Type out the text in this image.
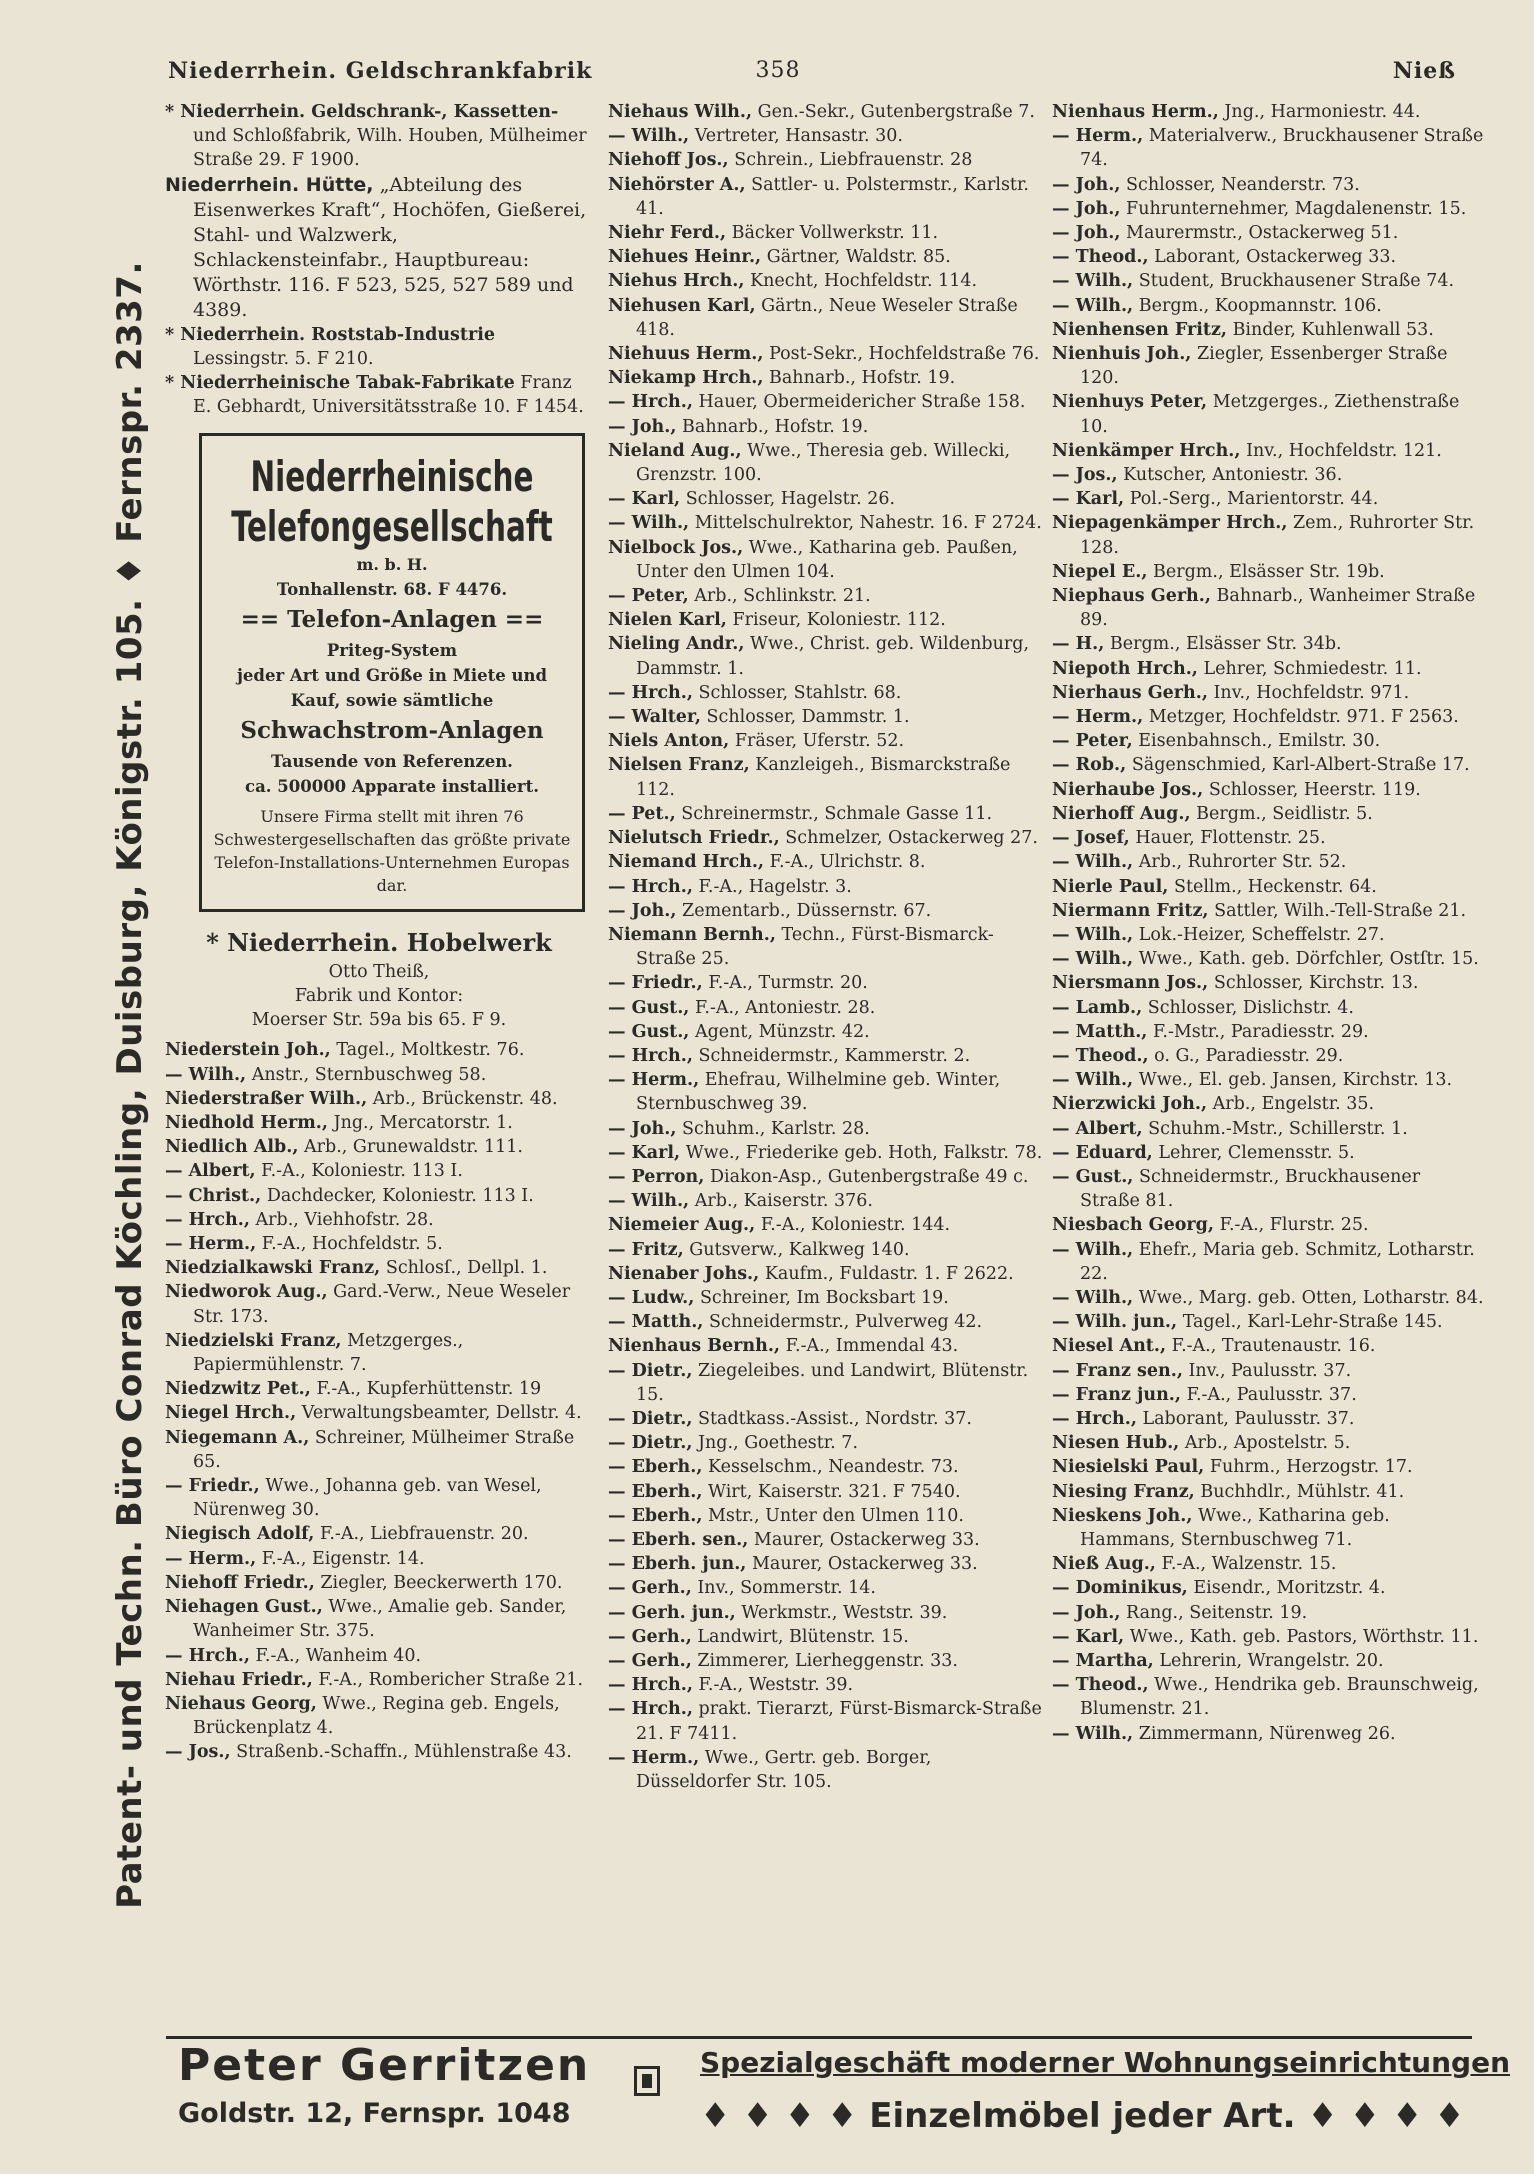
Patent- und Techn. Büro Conrad Köchling, Duisburg, Königstr. 105. ♦ Fernspr. 2337.
Niederrhein. Geldschrankfabrik	358	Nieß
* Niederrhein. Geldschrank-, Kassetten- und Schloßfabrik, Wilh. Houben, Mülheimer Straße 29. F 1900.
Niederrhein. Hütte, „Abteilung des Eisenwerkes Kraft“, Hochöfen, Gießerei, Stahl- und Walzwerk, Schlackensteinfabr., Hauptbureau: Wörthstr. 116. F 523, 525, 527 589 und 4389.
* Niederrhein. Roststab-Industrie Lessingstr. 5. F 210.
* Niederrheinische Tabak-Fabrikate Franz E. Gebhardt, Universitätsstraße 10. F 1454.
Niederrheinische Telefongesellschaft
m. b. H.
Tonhallenstr. 68. F 4476.
== Telefon-Anlagen ==
Priteg-System
jeder Art und Größe in Miete und Kauf, sowie sämtliche
Schwachstrom-Anlagen
Tausende von Referenzen.
ca. 500000 Apparate installiert.
Unsere Firma stellt mit ihren 76 Schwestergesellschaften das größte private Telefon-Installations-Unternehmen Europas dar.
* Niederrhein. Hobelwerk
Otto Theiß,
Fabrik und Kontor:
Moerser Str. 59a bis 65. F 9.
Niederstein Joh., Tagel., Moltkestr. 76.
— Wilh., Anstr., Sternbuschweg 58.
Niederstraßer Wilh., Arb., Brückenstr. 48.
Niedhold Herm., Jng., Mercatorstr. 1.
Niedlich Alb., Arb., Grunewaldstr. 111.
— Albert, F.-A., Koloniestr. 113 I.
— Christ., Dachdecker, Koloniestr. 113 I.
— Hrch., Arb., Viehhofstr. 28.
— Herm., F.-A., Hochfeldstr. 5.
Niedzialkawski Franz, Schlosſ., Dellpl. 1.
Niedworok Aug., Gard.-Verw., Neue Weseler Str. 173.
Niedzielski Franz, Metzgerges., Papiermühlenstr. 7.
Niedzwitz Pet., F.-A., Kupferhüttenstr. 19
Niegel Hrch., Verwaltungsbeamter, Dellstr. 4.
Niegemann A., Schreiner, Mülheimer Straße 65.
— Friedr., Wwe., Johanna geb. van Wesel, Nürenweg 30.
Niegisch Adolf, F.-A., Liebfrauenstr. 20.
— Herm., F.-A., Eigenstr. 14.
Niehoff Friedr., Ziegler, Beeckerwerth 170.
Niehagen Gust., Wwe., Amalie geb. Sander, Wanheimer Str. 375.
— Hrch., F.-A., Wanheim 40.
Niehau Friedr., F.-A., Rombericher Straße 21.
Niehaus Georg, Wwe., Regina geb. Engels, Brückenplatz 4.
— Jos., Straßenb.-Schaffn., Mühlenstraße 43.
Niehaus Wilh., Gen.-Sekr., Gutenbergstraße 7.
— Wilh., Vertreter, Hansastr. 30.
Niehoff Jos., Schrein., Liebfrauenstr. 28
Niehörster A., Sattler- u. Polstermstr., Karlstr. 41.
Niehr Ferd., Bäcker Vollwerkstr. 11.
Niehues Heinr., Gärtner, Waldstr. 85.
Niehus Hrch., Knecht, Hochfeldstr. 114.
Niehusen Karl, Gärtn., Neue Weseler Straße 418.
Niehuus Herm., Post-Sekr., Hochfeldstraße 76.
Niekamp Hrch., Bahnarb., Hofstr. 19.
— Hrch., Hauer, Obermeidericher Straße 158.
— Joh., Bahnarb., Hofstr. 19.
Nieland Aug., Wwe., Theresia geb. Willecki, Grenzstr. 100.
— Karl, Schlosser, Hagelstr. 26.
— Wilh., Mittelschulrektor, Nahestr. 16. F 2724.
Nielbock Jos., Wwe., Katharina geb. Paußen, Unter den Ulmen 104.
— Peter, Arb., Schlinkstr. 21.
Nielen Karl, Friseur, Koloniestr. 112.
Nieling Andr., Wwe., Christ. geb. Wildenburg, Dammstr. 1.
— Hrch., Schlosser, Stahlstr. 68.
— Walter, Schlosser, Dammstr. 1.
Niels Anton, Fräser, Uferstr. 52.
Nielsen Franz, Kanzleigeh., Bismarckstraße 112.
— Pet., Schreinermstr., Schmale Gasse 11.
Nielutsch Friedr., Schmelzer, Ostackerweg 27.
Niemand Hrch., F.-A., Ulrichstr. 8.
— Hrch., F.-A., Hagelstr. 3.
— Joh., Zementarb., Düssernstr. 67.
Niemann Bernh., Techn., Fürst-Bismarck-Straße 25.
— Friedr., F.-A., Turmstr. 20.
— Gust., F.-A., Antoniestr. 28.
— Gust., Agent, Münzstr. 42.
— Hrch., Schneidermstr., Kammerstr. 2.
— Herm., Ehefrau, Wilhelmine geb. Winter, Sternbuschweg 39.
— Joh., Schuhm., Karlstr. 28.
— Karl, Wwe., Friederike geb. Hoth, Falkstr. 78.
— Perron, Diakon-Asp., Gutenbergstraße 49 c.
— Wilh., Arb., Kaiserstr. 376.
Niemeier Aug., F.-A., Koloniestr. 144.
— Fritz, Gutsverw., Kalkweg 140.
Nienaber Johs., Kaufm., Fuldastr. 1. F 2622.
— Ludw., Schreiner, Im Bocksbart 19.
— Matth., Schneidermstr., Pulverweg 42.
Nienhaus Bernh., F.-A., Immendal 43.
— Dietr., Ziegeleibes. und Landwirt, Blütenstr. 15.
— Dietr., Stadtkass.-Assist., Nordstr. 37.
— Dietr., Jng., Goethestr. 7.
— Eberh., Kesselschm., Neandestr. 73.
— Eberh., Wirt, Kaiserstr. 321. F 7540.
— Eberh., Mstr., Unter den Ulmen 110.
— Eberh. sen., Maurer, Ostackerweg 33.
— Eberh. jun., Maurer, Ostackerweg 33.
— Gerh., Inv., Sommerstr. 14.
— Gerh. jun., Werkmstr., Weststr. 39.
— Gerh., Landwirt, Blütenstr. 15.
— Gerh., Zimmerer, Lierheggenstr. 33.
— Hrch., F.-A., Weststr. 39.
— Hrch., prakt. Tierarzt, Fürst-Bismarck-Straße 21. F 7411.
— Herm., Wwe., Gertr. geb. Borger, Düsseldorfer Str. 105.
Nienhaus Herm., Jng., Harmoniestr. 44.
— Herm., Materialverw., Bruckhausener Straße 74.
— Joh., Schlosser, Neanderstr. 73.
— Joh., Fuhrunternehmer, Magdalenenstr. 15.
— Joh., Maurermstr., Ostackerweg 51.
— Theod., Laborant, Ostackerweg 33.
— Wilh., Student, Bruckhausener Straße 74.
— Wilh., Bergm., Koopmannstr. 106.
Nienhensen Fritz, Binder, Kuhlenwall 53.
Nienhuis Joh., Ziegler, Essenberger Straße 120.
Nienhuys Peter, Metzgerges., Ziethenstraße 10.
Nienkämper Hrch., Inv., Hochfeldstr. 121.
— Jos., Kutscher, Antoniestr. 36.
— Karl, Pol.-Serg., Marientorstr. 44.
Niepagenkämper Hrch., Zem., Ruhrorter Str. 128.
Niepel E., Bergm., Elsässer Str. 19b.
Niephaus Gerh., Bahnarb., Wanheimer Straße 89.
— H., Bergm., Elsässer Str. 34b.
Niepoth Hrch., Lehrer, Schmiedestr. 11.
Nierhaus Gerh., Inv., Hochfeldstr. 971.
— Herm., Metzger, Hochfeldstr. 971. F 2563.
— Peter, Eisenbahnsch., Emilstr. 30.
— Rob., Sägenschmied, Karl-Albert-Straße 17.
Nierhaube Jos., Schlosser, Heerstr. 119.
Nierhoff Aug., Bergm., Seidlistr. 5.
— Josef, Hauer, Flottenstr. 25.
— Wilh., Arb., Ruhrorter Str. 52.
Nierle Paul, Stellm., Heckenstr. 64.
Niermann Fritz, Sattler, Wilh.-Tell-Straße 21.
— Wilh., Lok.-Heizer, Scheffelstr. 27.
— Wilh., Wwe., Kath. geb. Dörfchler, Ostſtr. 15.
Niersmann Jos., Schlosser, Kirchstr. 13.
— Lamb., Schlosser, Dislichstr. 4.
— Matth., F.-Mstr., Paradiesstr. 29.
— Theod., o. G., Paradiesstr. 29.
— Wilh., Wwe., El. geb. Jansen, Kirchstr. 13.
Nierzwicki Joh., Arb., Engelstr. 35.
— Albert, Schuhm.-Mstr., Schillerstr. 1.
— Eduard, Lehrer, Clemensstr. 5.
— Gust., Schneidermstr., Bruckhausener Straße 81.
Niesbach Georg, F.-A., Flurstr. 25.
— Wilh., Ehefr., Maria geb. Schmitz, Lotharstr. 22.
— Wilh., Wwe., Marg. geb. Otten, Lotharstr. 84.
— Wilh. jun., Tagel., Karl-Lehr-Straße 145.
Niesel Ant., F.-A., Trautenaustr. 16.
— Franz sen., Inv., Paulusstr. 37.
— Franz jun., F.-A., Paulusstr. 37.
— Hrch., Laborant, Paulusstr. 37.
Niesen Hub., Arb., Apostelstr. 5.
Niesielski Paul, Fuhrm., Herzogstr. 17.
Niesing Franz, Buchhdlr., Mühlstr. 41.
Nieskens Joh., Wwe., Katharina geb. Hammans, Sternbuschweg 71.
Nieß Aug., F.-A., Walzenstr. 15.
— Dominikus, Eisendr., Moritzstr. 4.
— Joh., Rang., Seitenstr. 19.
— Karl, Wwe., Kath. geb. Pastors, Wörthstr. 11.
— Martha, Lehrerin, Wrangelstr. 20.
— Theod., Wwe., Hendrika geb. Braunschweig, Blumenstr. 21.
— Wilh., Zimmermann, Nürenweg 26.
Peter Gerritzen
Goldstr. 12, Fernspr. 1048
Spezialgeschäft moderner Wohnungseinrichtungen
♦ ♦ ♦ ♦ Einzelmöbel jeder Art. ♦ ♦ ♦ ♦
